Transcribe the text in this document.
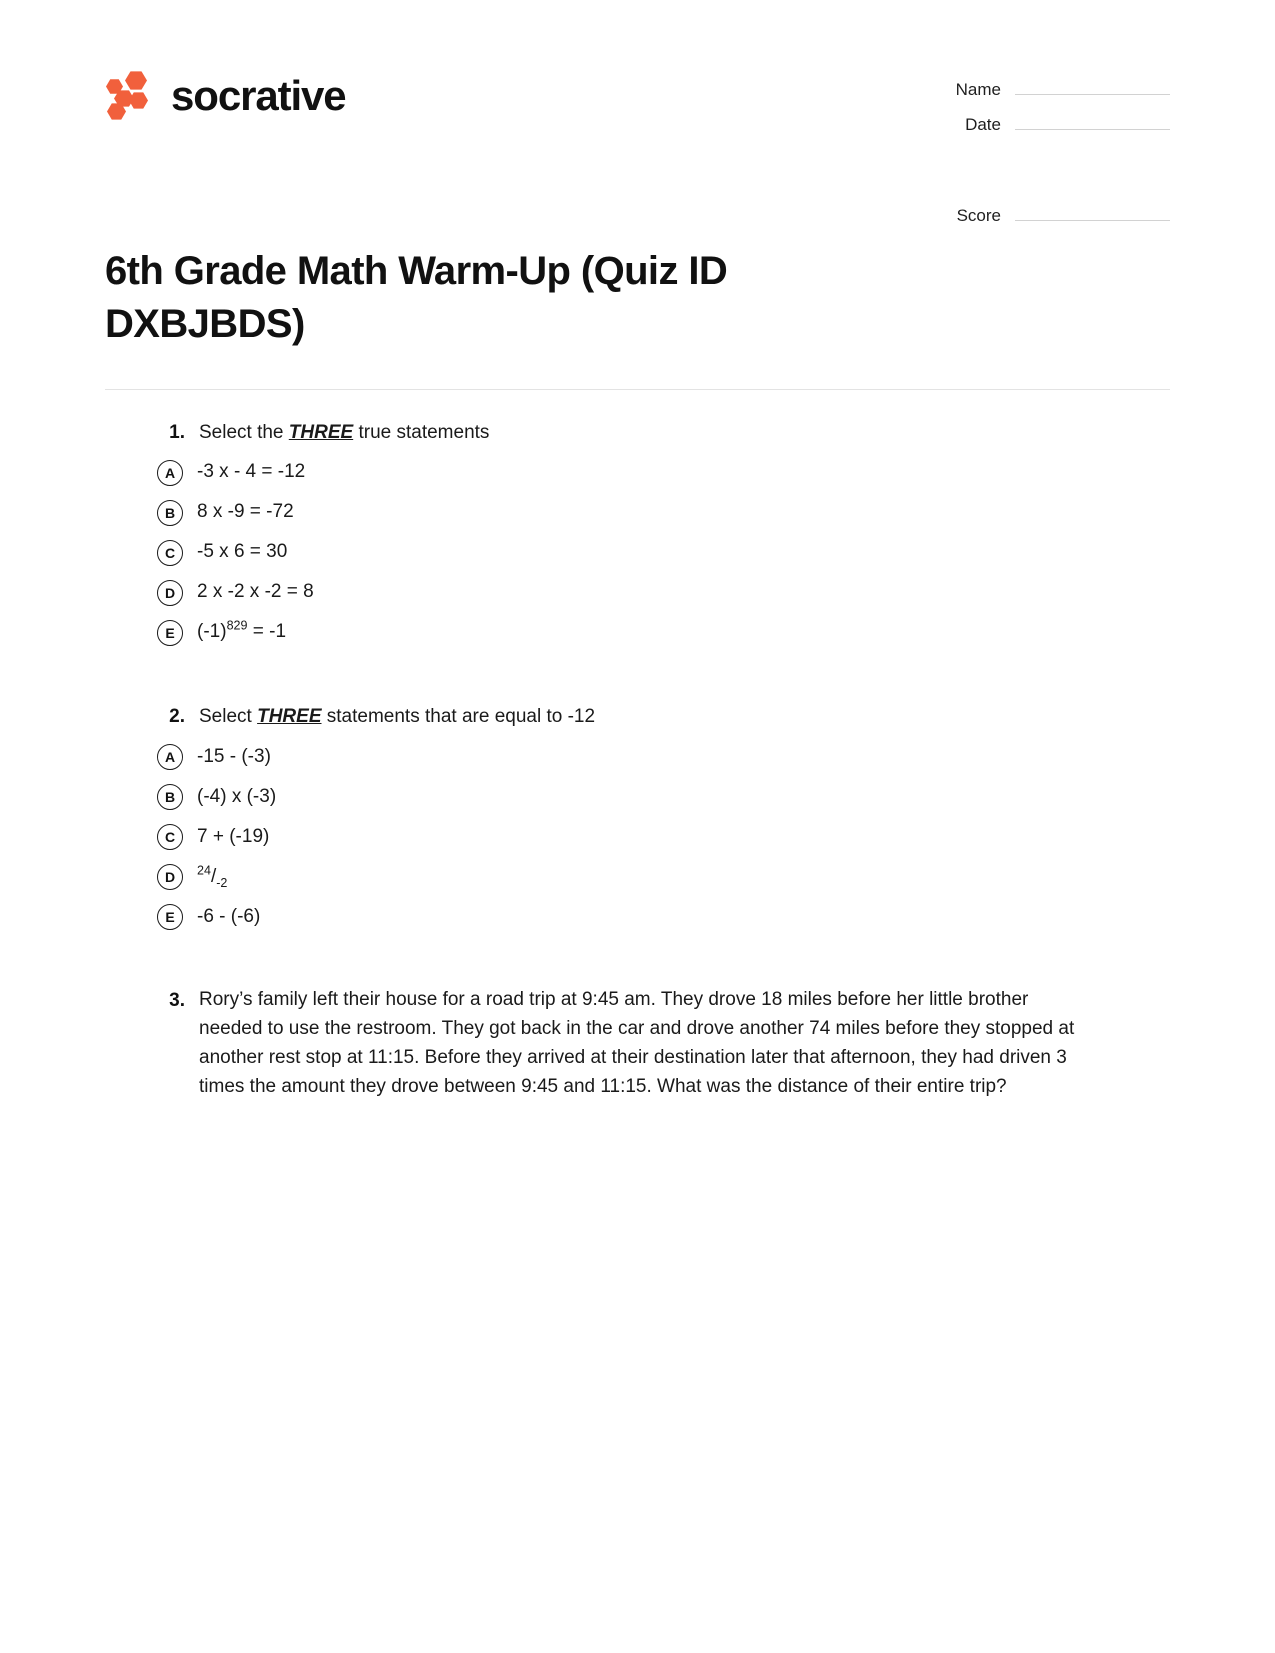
socrative	Name
Date
Score
6th Grade Math Warm-Up (Quiz ID DXBJBDS)
1. Select the THREE true statements
A	-3 x - 4 = -12
B	8 x -9 = -72
C	-5 x 6 = 30
D	2 x -2 x -2 = 8
E	$(-1)^{829} = -1$
2. Select THREE statements that are equal to -12
A	-15 - (-3)
B	(-4) x (-3)
C	7 + (-19)
D	$^{24}/_{-2}$
E	-6 - (-6)
3. Rory’s family left their house for a road trip at 9:45 am. They drove 18 miles before her little brother needed to use the restroom. They got back in the car and drove another 74 miles before they stopped at another rest stop at 11:15. Before they arrived at their destination later that afternoon, they had driven 3 times the amount they drove between 9:45 and 11:15. What was the distance of their entire trip?
